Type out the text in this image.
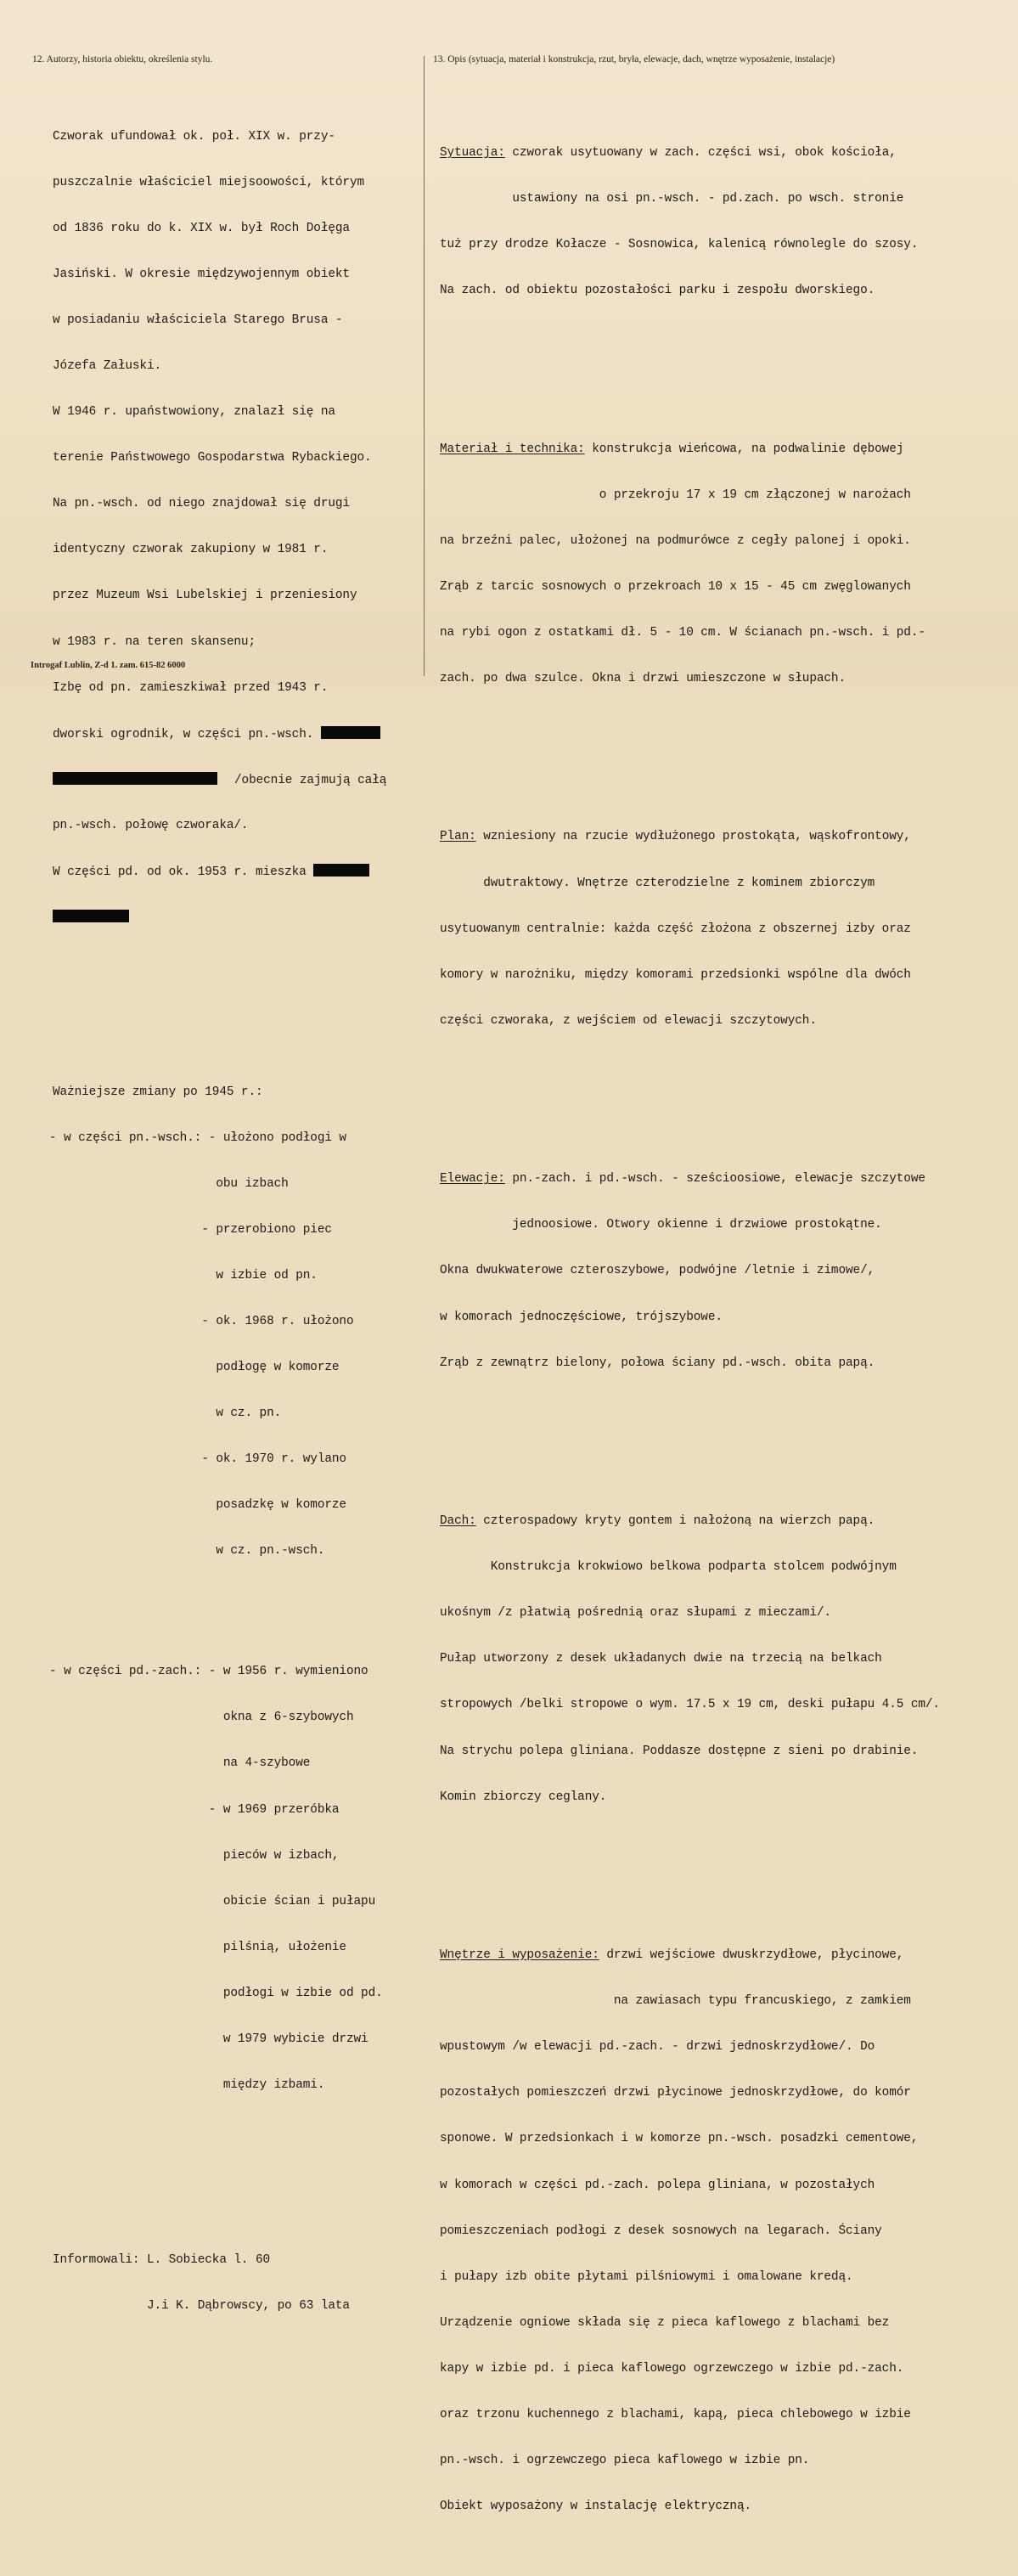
12. Autorzy, historia obiektu, określenia stylu.	13. Opis (sytuacja, materiał i konstrukcja, rzut, bryła, elewacje, dach, wnętrze wyposażenie, instalacje)

Czworak ufundował ok. poł. XIX w. przy-

puszczalnie właściciel miejsoowości, którym

od 1836 roku do k. XIX w. był Roch Dołęga

Jasiński. W okresie międzywojennym obiekt

w posiadaniu właściciela Starego Brusa -

Józefa Załuski.

W 1946 r. upaństwowiony, znalazł się na

terenie Państwowego Gospodarstwa Rybackiego.

Na pn.-wsch. od niego znajdował się drugi

identyczny czworak zakupiony w 1981 r.

przez Muzeum Wsi Lubelskiej i przeniesiony

w 1983 r. na teren skansenu;

Izbę od pn. zamieszkiwał przed 1943 r.

dworski ogrodnik, w części pn.-wsch.

/obecnie zajmują całą

pn.-wsch. połowę czworaka/.

W części pd. od ok. 1953 r. mieszka

Ważniejsze zmiany po 1945 r.:

- w części pn.-wsch.: - ułożono podłogi w

obu izbach

- przerobiono piec

w izbie od pn.

- ok. 1968 r. ułożono

podłogę w komorze

w cz. pn.

- ok. 1970 r. wylano

posadzkę w komorze

w cz. pn.-wsch.

- w części pd.-zach.: - w 1956 r. wymieniono

okna z 6-szybowych

na 4-szybowe

- w 1969 przeróbka

pieców w izbach,

obicie ścian i pułapu

pilśnią, ułożenie

podłogi w izbie od pd.

w 1979 wybicie drzwi

między izbami.

Informowali: L. Sobiecka l. 60

J.i K. Dąbrowscy, po 63 lata

Sytuacja: czworak usytuowany w zach. części wsi, obok kościoła,

ustawiony na osi pn.-wsch. - pd.zach. po wsch. stronie

tuż przy drodze Kołacze - Sosnowica, kalenicą równolegle do szosy.

Na zach. od obiektu pozostałości parku i zespołu dworskiego.

Materiał i technika: konstrukcja wieńcowa, na podwalinie dębowej

o przekroju 17 x 19 cm złączonej w narożach

na brzeźni palec, ułożonej na podmurówce z cegły palonej i opoki.

Zrąb z tarcic sosnowych o przekroach 10 x 15 - 45 cm zwęglowanych

na rybi ogon z ostatkami dł. 5 - 10 cm. W ścianach pn.-wsch. i pd.-

zach. po dwa szulce. Okna i drzwi umieszczone w słupach.

Plan: wzniesiony na rzucie wydłużonego prostokąta, wąskofrontowy,

dwutraktowy. Wnętrze czterodzielne z kominem zbiorczym

usytuowanym centralnie: każda część złożona z obszernej izby oraz

komory w narożniku, między komorami przedsionki wspólne dla dwóch

części czworaka, z wejściem od elewacji szczytowych.

Elewacje: pn.-zach. i pd.-wsch. - sześcioosiowe, elewacje szczytowe

jednoosiowe. Otwory okienne i drzwiowe prostokątne.

Okna dwukwaterowe czteroszybowe, podwójne /letnie i zimowe/,

w komorach jednoczęściowe, trójszybowe.

Zrąb z zewnątrz bielony, połowa ściany pd.-wsch. obita papą.

Dach: czterospadowy kryty gontem i nałożoną na wierzch papą.

Konstrukcja krokwiowo belkowa podparta stolcem podwójnym

ukośnym /z płatwią pośrednią oraz słupami z mieczami/.

Pułap utworzony z desek układanych dwie na trzecią na belkach

stropowych /belki stropowe o wym. 17.5 x 19 cm, deski pułapu 4.5 cm/.

Na strychu polepa gliniana. Poddasze dostępne z sieni po drabinie.

Komin zbiorczy ceglany.

Wnętrze i wyposażenie: drzwi wejściowe dwuskrzydłowe, płycinowe,

na zawiasach typu francuskiego, z zamkiem

wpustowym /w elewacji pd.-zach. - drzwi jednoskrzydłowe/. Do

pozostałych pomieszczeń drzwi płycinowe jednoskrzydłowe, do komór

sponowe. W przedsionkach i w komorze pn.-wsch. posadzki cementowe,

w komorach w części pd.-zach. polepa gliniana, w pozostałych

pomieszczeniach podłogi z desek sosnowych na legarach. Ściany

i pułapy izb obite płytami pilśniowymi i omalowane kredą.

Urządzenie ogniowe składa się z pieca kaflowego z blachami bez

kapy w izbie pd. i pieca kaflowego ogrzewczego w izbie pd.-zach.

oraz trzonu kuchennego z blachami, kapą, pieca chlebowego w izbie

pn.-wsch. i ogrzewczego pieca kaflowego w izbie pn.

Obiekt wyposażony w instalację elektryczną.

Introgaf Lublin, Z-d 1. zam. 615-82 6000
